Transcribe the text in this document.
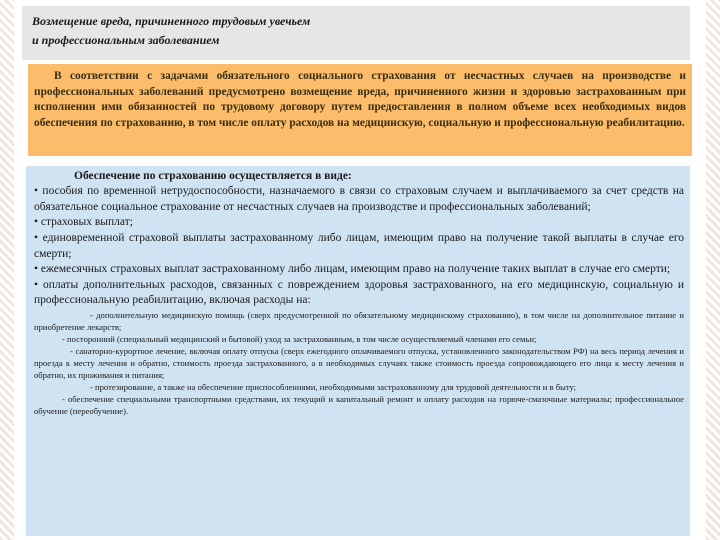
Возмещение вреда, причиненного трудовым увечьем
и профессиональным заболеванием
В соответствии с задачами обязательного социального страхования от несчастных случаев на производстве и профессиональных заболеваний предусмотрено возмещение вреда, причиненного жизни и здоровью застрахованным при исполнении ими обязанностей по трудовому договору путем предоставления в полном объеме всех необходимых видов обеспечения по страхованию, в том числе оплату расходов на медицинскую, социальную и профессиональную реабилитацию.
Обеспечение по страхованию осуществляется в виде:
• пособия по временной нетрудоспособности, назначаемого в связи со страховым случаем и выплачиваемого за счет средств на обязательное социальное страхование от несчастных случаев на производстве и профессиональных заболеваний;
• страховых выплат;
• единовременной страховой выплаты застрахованному либо лицам, имеющим право на получение такой выплаты в случае его смерти;
• ежемесячных страховых выплат застрахованному либо лицам, имеющим право на получение таких выплат в случае его смерти;
• оплаты дополнительных расходов, связанных с повреждением здоровья застрахованного, на его медицинскую, социальную и профессиональную реабилитацию, включая расходы на:
- дополнительную медицинскую помощь (сверх предусмотренной по обязательному медицинскому страхованию), в том числе на дополнительное питание и приобретение лекарств;
- посторонний (специальный медицинский и бытовой) уход за застрахованным, в том числе осуществляемый членами его семьи;
- санаторно-курортное лечение, включая оплату отпуска (сверх ежегодного оплачиваемого отпуска, установленного законодательством РФ) на весь период лечения и проезда к месту лечения и обратно, стоимость проезда застрахованного, а в необходимых случаях также стоимость проезда сопровождающего его лица к месту лечения и обратно, их проживания и питания;
- протезирование, а также на обеспечение приспособлениями, необходимыми застрахованному для трудовой деятельности и в быту;
- обеспечение специальными транспортными средствами, их текущий и капитальный ремонт и оплату расходов на горюче-смазочные материалы; профессиональное обучение (переобучение).
